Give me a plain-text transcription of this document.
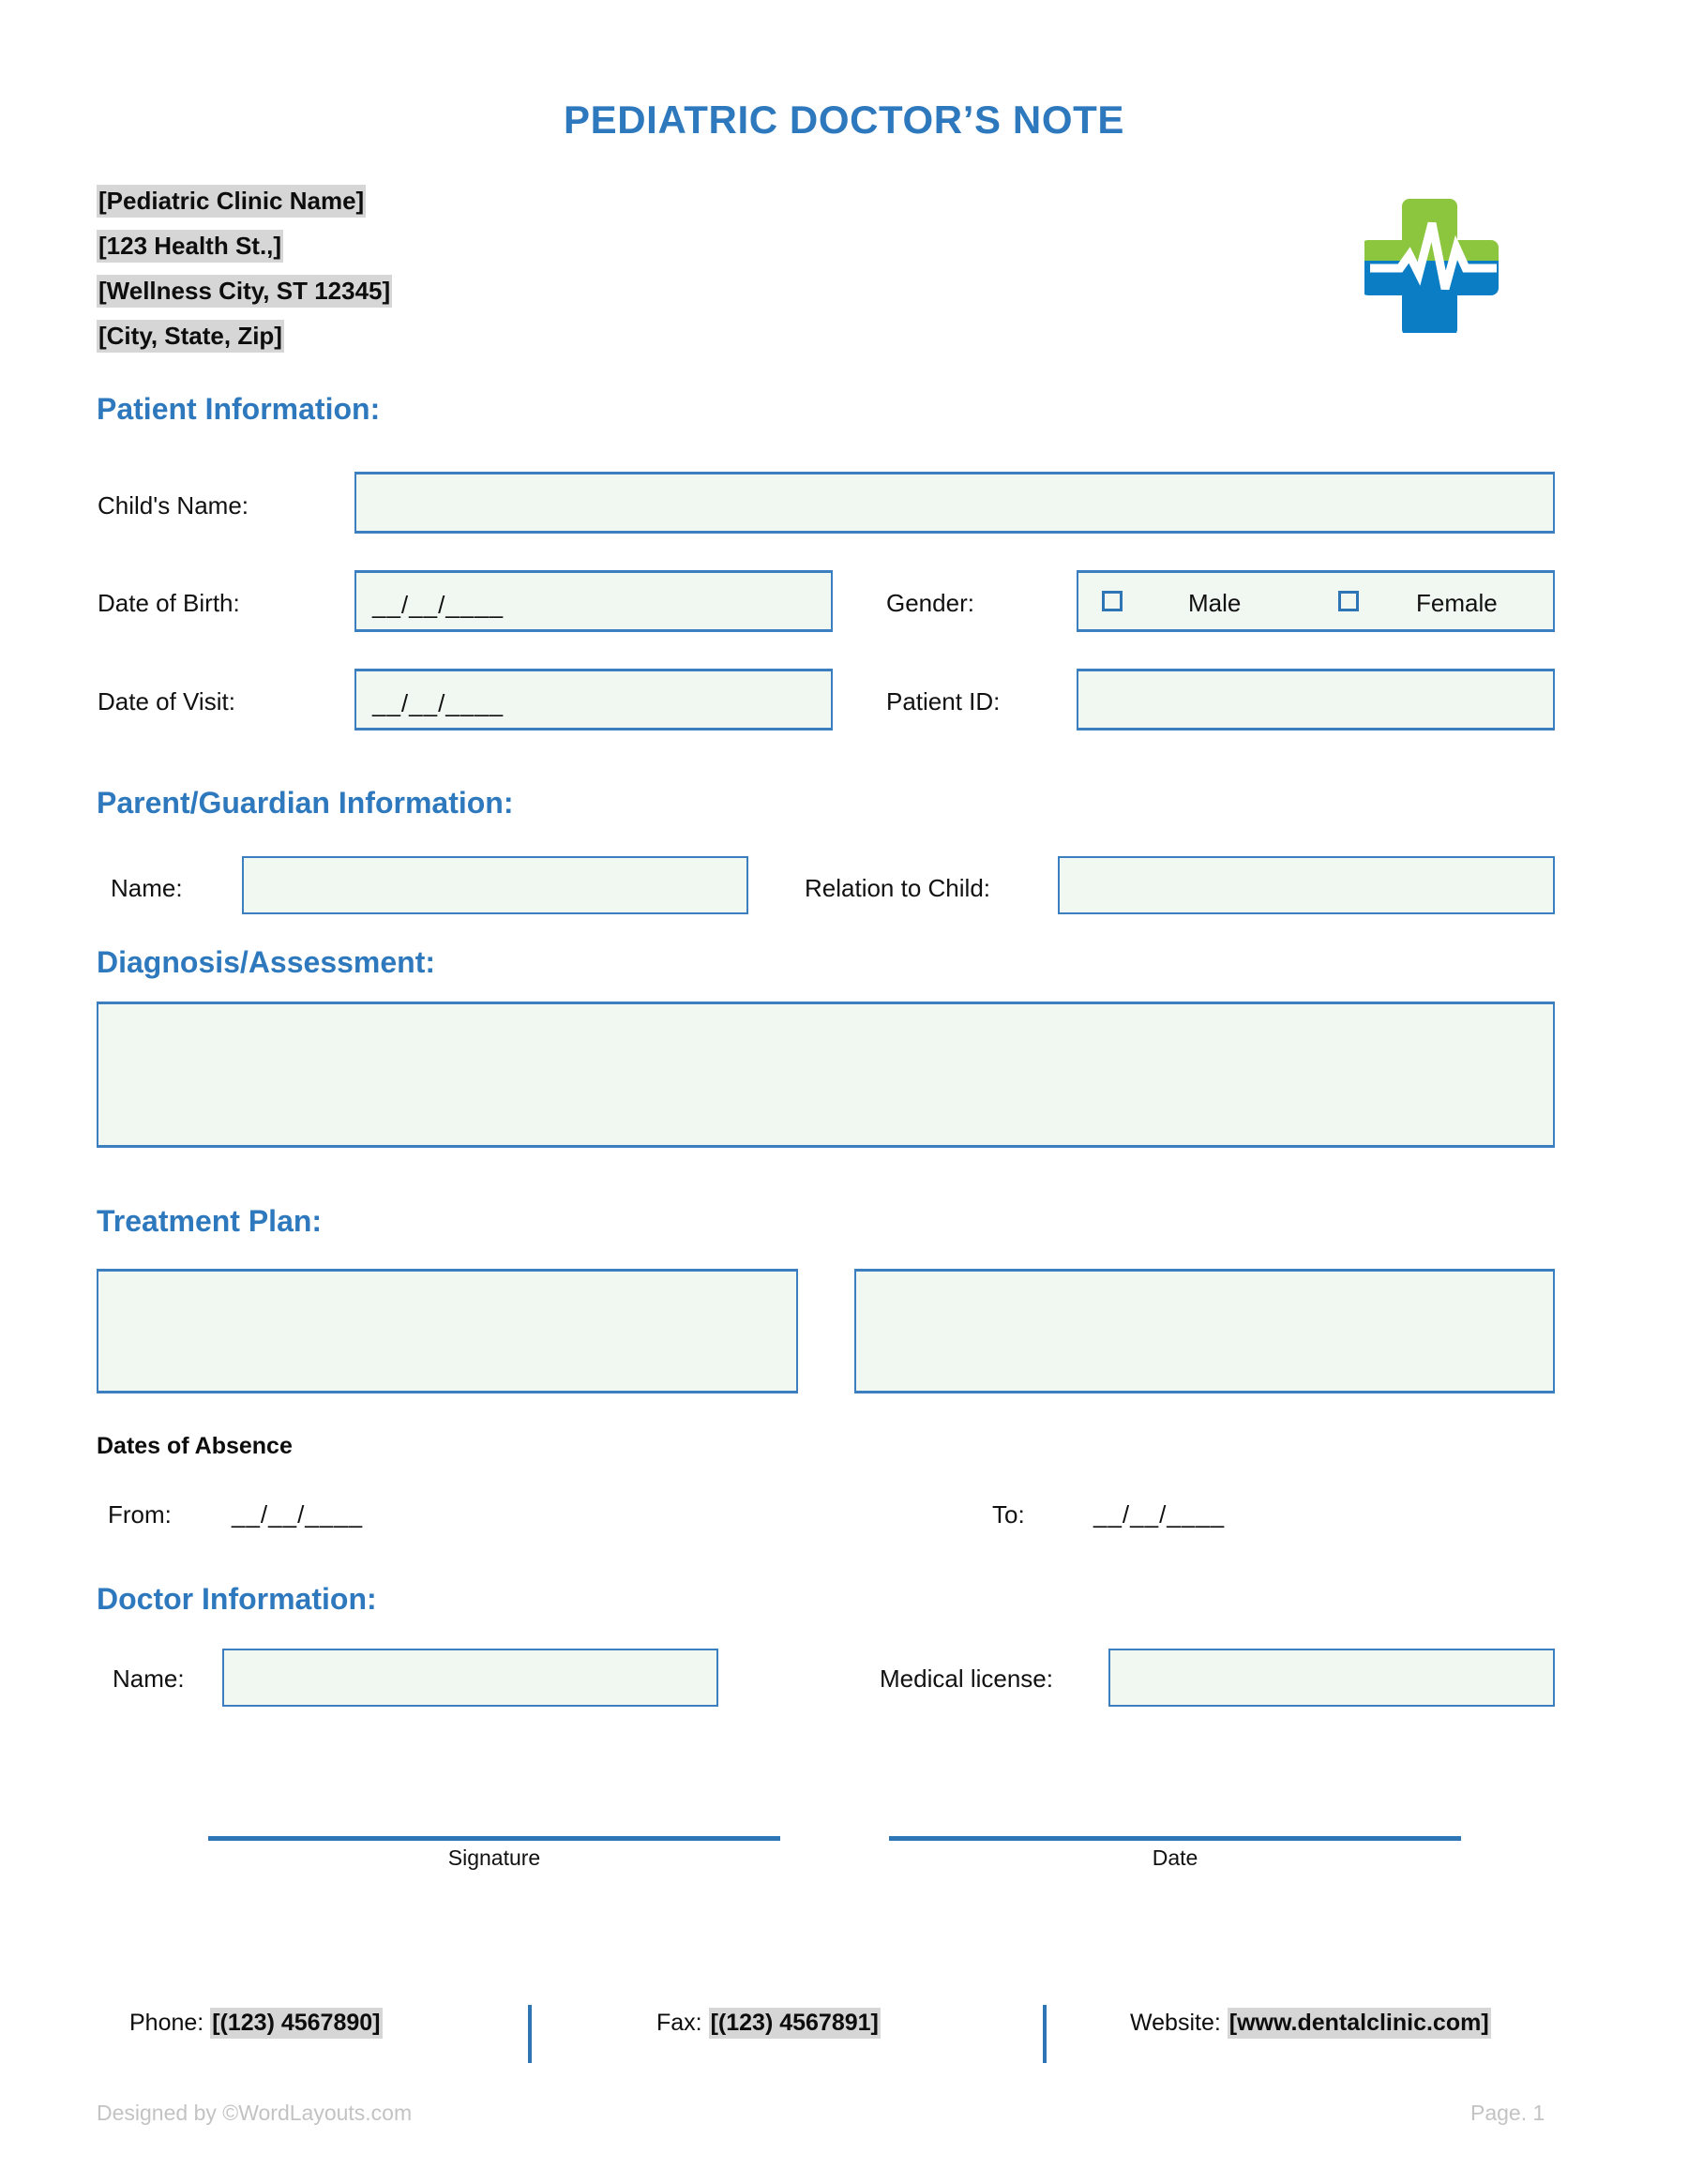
PEDIATRIC DOCTOR’S NOTE
[Pediatric Clinic Name]
[123 Health St.,]
[Wellness City, ST 12345]
[City, State, Zip]
Patient Information:
Child's Name:
Date of Birth:	__/__/____	Gender:	Male	Female
Date of Visit:	__/__/____	Patient ID:
Parent/Guardian Information:
Name:	Relation to Child:
Diagnosis/Assessment:
Treatment Plan:
Dates of Absence
From: __/__/____	To:	__/__/____
Doctor Information:
Name:	Medical license:
Signature	Date
Phone: [(123) 4567890]	Fax: [(123) 4567891]	Website: [www.dentalclinic.com]
Designed by ©WordLayouts.com	Page. 1
